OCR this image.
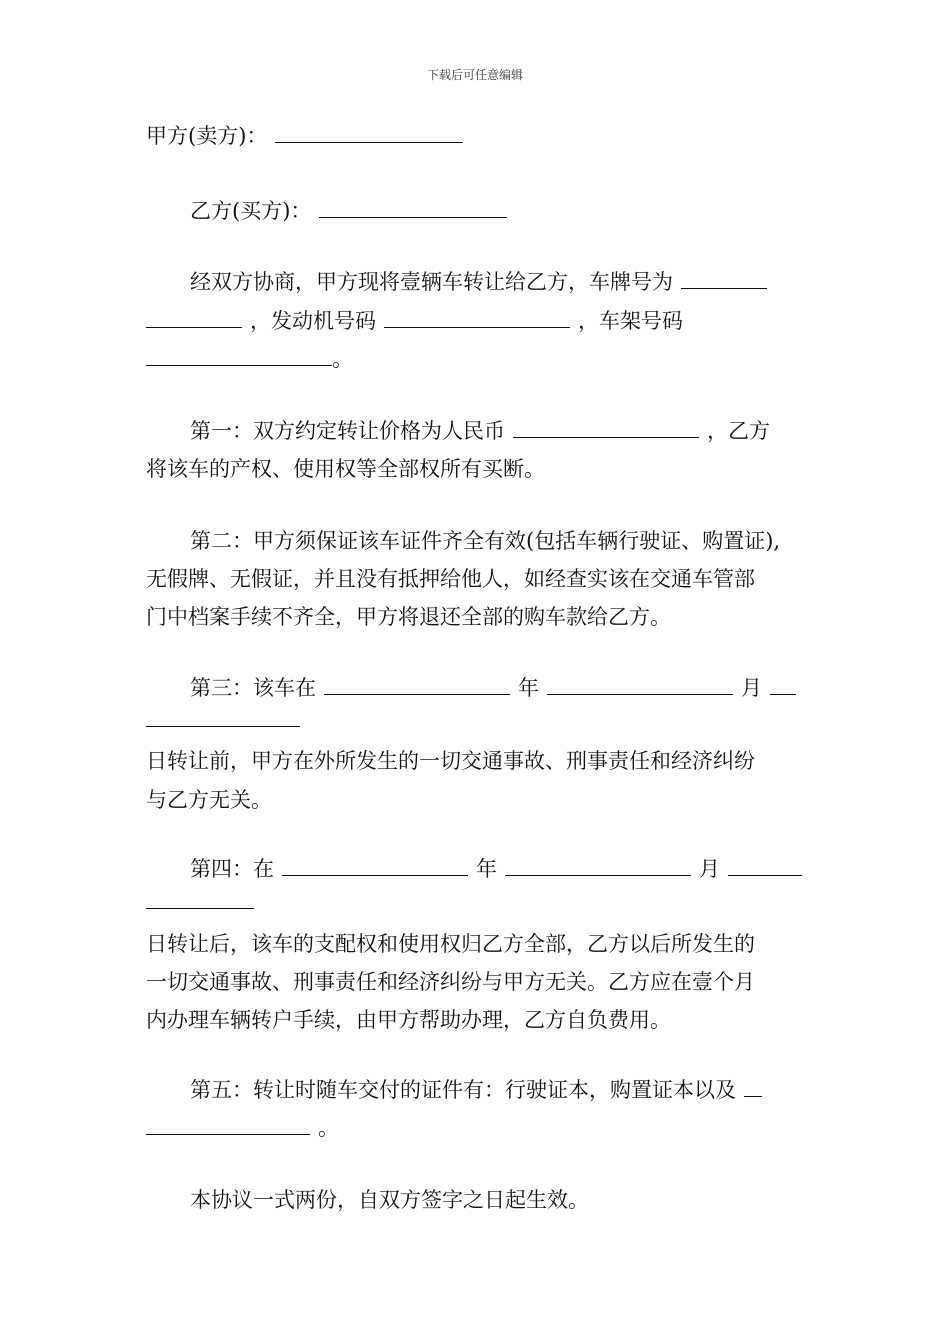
下载后可任意编辑
甲方(卖方)：
乙方(买方)：
经双方协商，甲方现将壹辆车转让给乙方，车牌号为
，发动机号码	，车架号码
。
第一：双方约定转让价格为人民币	，乙方
将该车的产权、使用权等全部权所有买断。
第二：甲方须保证该车证件齐全有效(包括车辆行驶证、购置证),
无假牌、无假证，并且没有抵押给他人，如经查实该在交通车管部
门中档案手续不齐全，甲方将退还全部的购车款给乙方。
第三：该车在	年	月
日转让前，甲方在外所发生的一切交通事故、刑事责任和经济纠纷
与乙方无关。
第四：在	年	月
日转让后，该车的支配权和使用权归乙方全部，乙方以后所发生的
一切交通事故、刑事责任和经济纠纷与甲方无关。乙方应在壹个月
内办理车辆转户手续，由甲方帮助办理，乙方自负费用。
第五：转让时随车交付的证件有：行驶证本，购置证本以及
。
本协议一式两份，自双方签字之日起生效。
